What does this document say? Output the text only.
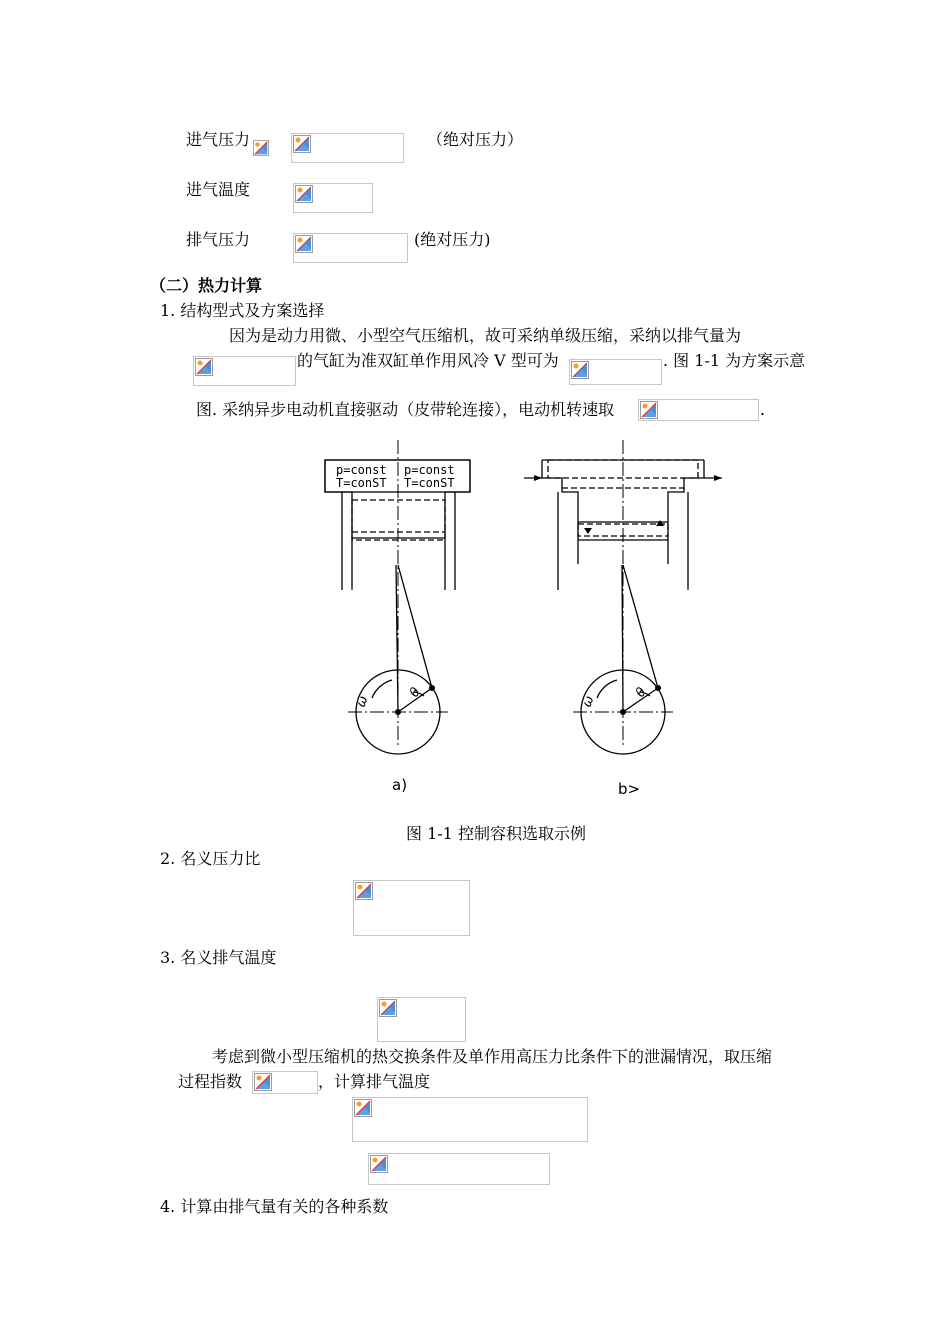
进气压力	（绝对压力）
进气温度
排气压力	(绝对压力)
（二）热力计算
1. 结构型式及方案选择
因为是动力用微、小型空气压缩机，故可采纳单级压缩，采纳以排气量为
的气缸为准双缸单作用风冷 V 型可为	. 图 1-1 为方案示意
图. 采纳异步电动机直接驱动（皮带轮连接），电动机转速取	.
p=const p=const
T=conST T=conST
ω	ω
θ	θ
a)	b>
图 1-1 控制容积选取示例
2. 名义压力比
3. 名义排气温度
考虑到微小型压缩机的热交换条件及单作用高压力比条件下的泄漏情况，取压缩
过程指数	，计算排气温度
4. 计算由排气量有关的各种系数
